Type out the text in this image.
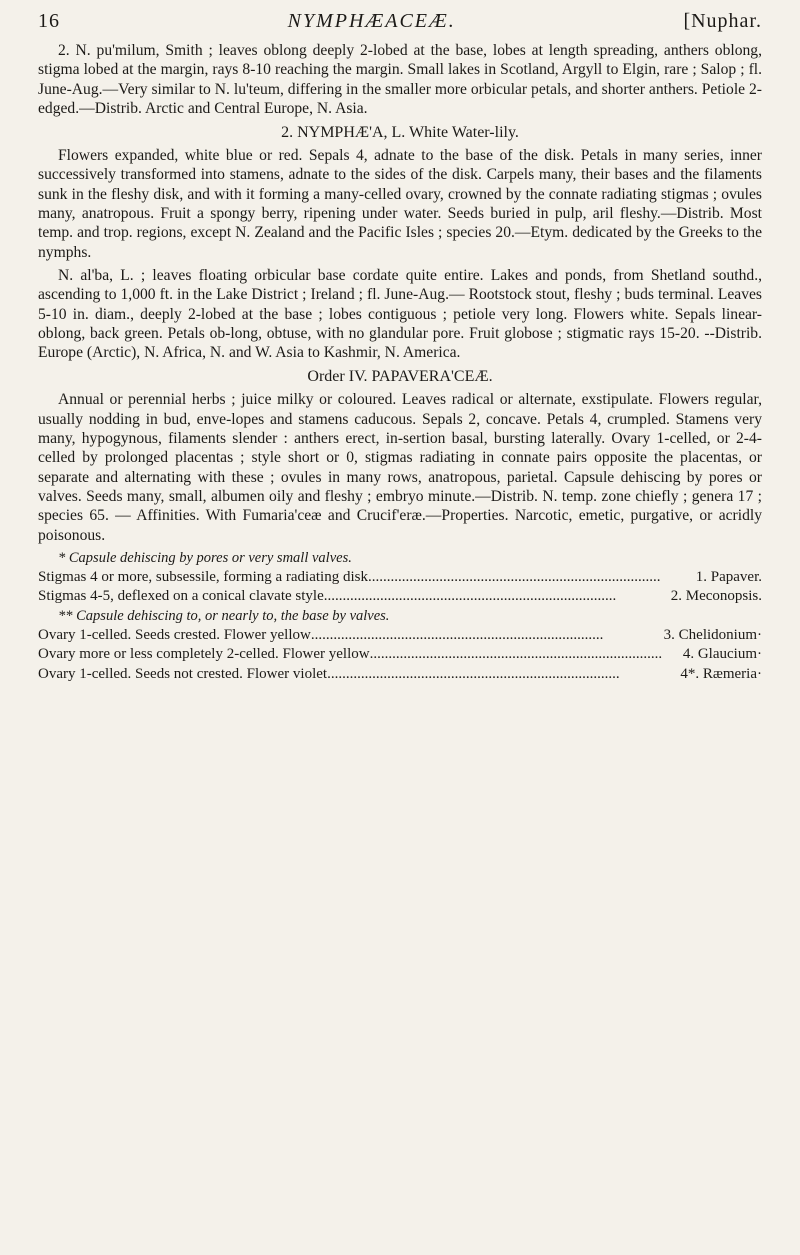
16	NYMPHÆACEÆ.	[Nuphar.

2. N. pu'milum, Smith ; leaves oblong deeply 2-lobed at the base, lobes at length spreading, anthers oblong, stigma lobed at the margin, rays 8-10 reaching the margin. Small lakes in Scotland, Argyll to Elgin, rare ; Salop ; fl. June-Aug.—Very similar to N. lu'teum, differing in the smaller more orbicular petals, and shorter anthers. Petiole 2-edged.—Distrib. Arctic and Central Europe, N. Asia.

2. NYMPHÆ'A, L. White Water-lily.

Flowers expanded, white blue or red. Sepals 4, adnate to the base of the disk. Petals in many series, inner successively transformed into stamens, adnate to the sides of the disk. Carpels many, their bases and the filaments sunk in the fleshy disk, and with it forming a many-celled ovary, crowned by the connate radiating stigmas ; ovules many, anatropous. Fruit a spongy berry, ripening under water. Seeds buried in pulp, aril fleshy.—Distrib. Most temp. and trop. regions, except N. Zealand and the Pacific Isles ; species 20.—Etym. dedicated by the Greeks to the nymphs.

N. al'ba, L. ; leaves floating orbicular base cordate quite entire. Lakes and ponds, from Shetland southd., ascending to 1,000 ft. in the Lake District ; Ireland ; fl. June-Aug.— Rootstock stout, fleshy ; buds terminal. Leaves 5-10 in. diam., deeply 2-lobed at the base ; lobes contiguous ; petiole very long. Flowers white. Sepals linear-oblong, back green. Petals ob-long, obtuse, with no glandular pore. Fruit globose ; stigmatic rays 15-20. --Distrib. Europe (Arctic), N. Africa, N. and W. Asia to Kashmir, N. America.

Order IV. PAPAVERA'CEÆ.

Annual or perennial herbs ; juice milky or coloured. Leaves radical or alternate, exstipulate. Flowers regular, usually nodding in bud, enve-lopes and stamens caducous. Sepals 2, concave. Petals 4, crumpled. Stamens very many, hypogynous, filaments slender : anthers erect, in-sertion basal, bursting laterally. Ovary 1-celled, or 2-4-celled by prolonged placentas ; style short or 0, stigmas radiating in connate pairs opposite the placentas, or separate and alternating with these ; ovules in many rows, anatropous, parietal. Capsule dehiscing by pores or valves. Seeds many, small, albumen oily and fleshy ; embryo minute.—Distrib. N. temp. zone chiefly ; genera 17 ; species 65. — Affinities. With Fumaria'ceæ and Crucif'eræ.—Properties. Narcotic, emetic, purgative, or acridly poisonous.

* Capsule dehiscing by pores or very small valves.

Stigmas 4 or more, subsessile, forming a radiating disk ..............................................................................	1. Papaver.
Stigmas 4-5, deflexed on a conical clavate style ..............................................................................	2. Meconopsis.

** Capsule dehiscing to, or nearly to, the base by valves.

Ovary 1-celled. Seeds crested. Flower yellow ..............................................................................	3. Chelidonium·
Ovary more or less completely 2-celled. Flower yellow ..............................................................................	4. Glaucium·
Ovary 1-celled. Seeds not crested. Flower violet ..............................................................................	4*. Ræmeria·
